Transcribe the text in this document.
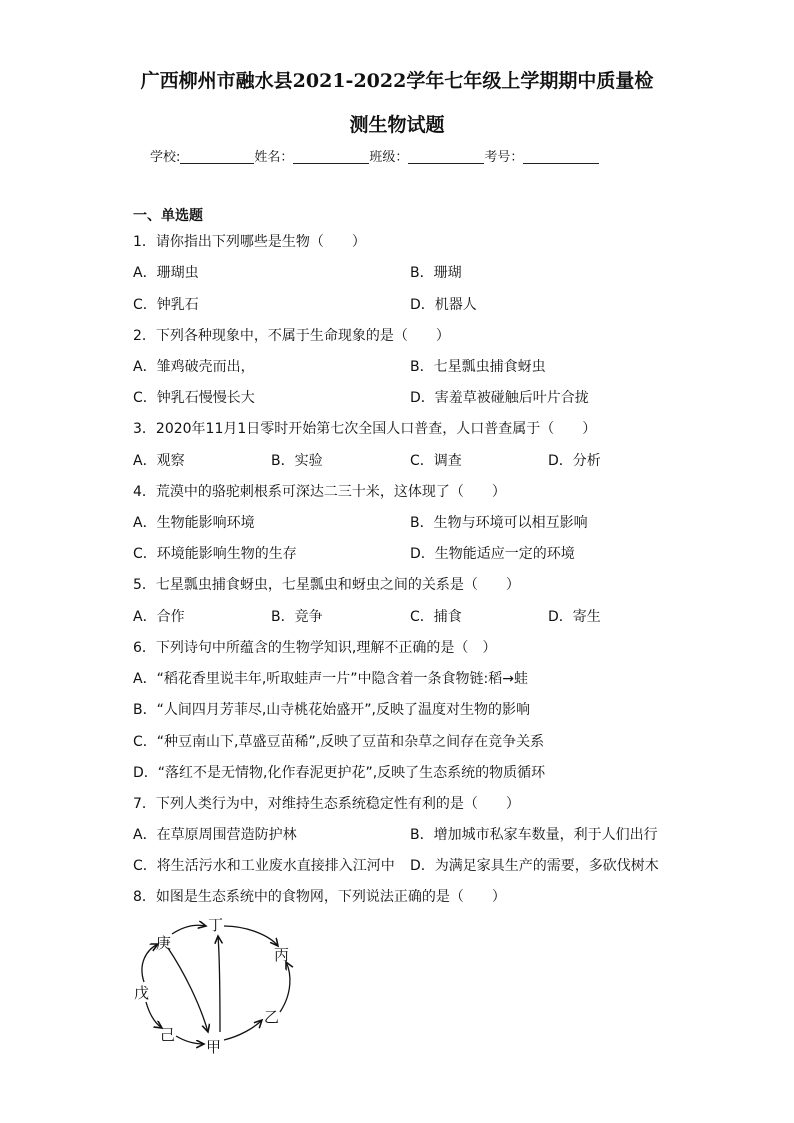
广西柳州市融水县2021-2022学年七年级上学期期中质量检
测生物试题
学校:	姓名：	班级：	考号：
一、单选题
1．请你指出下列哪些是生物（　　）
A．珊瑚虫	B．珊瑚
C．钟乳石	D．机器人
2．下列各种现象中，不属于生命现象的是（　　）
A．雏鸡破壳而出，	B．七星瓢虫捕食蚜虫
C．钟乳石慢慢长大	D．害羞草被碰触后叶片合拢
3．2020年11月1日零时开始第七次全国人口普查，人口普查属于（　　）
A．观察	B．实验	C．调查	D．分析
4．荒漠中的骆驼刺根系可深达二三十米，这体现了（　　）
A．生物能影响环境	B．生物与环境可以相互影响
C．环境能影响生物的生存	D．生物能适应一定的环境
5．七星瓢虫捕食蚜虫，七星瓢虫和蚜虫之间的关系是（　　）
A．合作	B．竞争	C．捕食	D．寄生
6．下列诗句中所蕴含的生物学知识,理解不正确的是（　）
A．“稻花香里说丰年,听取蛙声一片”中隐含着一条食物链:稻→蛙
B．“人间四月芳菲尽,山寺桃花始盛开”,反映了温度对生物的影响
C．“种豆南山下,草盛豆苗稀”,反映了豆苗和杂草之间存在竞争关系
D．“落红不是无情物,化作春泥更护花”,反映了生态系统的物质循环
7．下列人类行为中，对维持生态系统稳定性有利的是（　　）
A．在草原周围营造防护林	B．增加城市私家车数量，利于人们出行
C．将生活污水和工业废水直接排入江河中 D．为满足家具生产的需要，多砍伐树木
8．如图是生态系统中的食物网，下列说法正确的是（　　）
丁
庚
丙
戊
乙
己
甲
